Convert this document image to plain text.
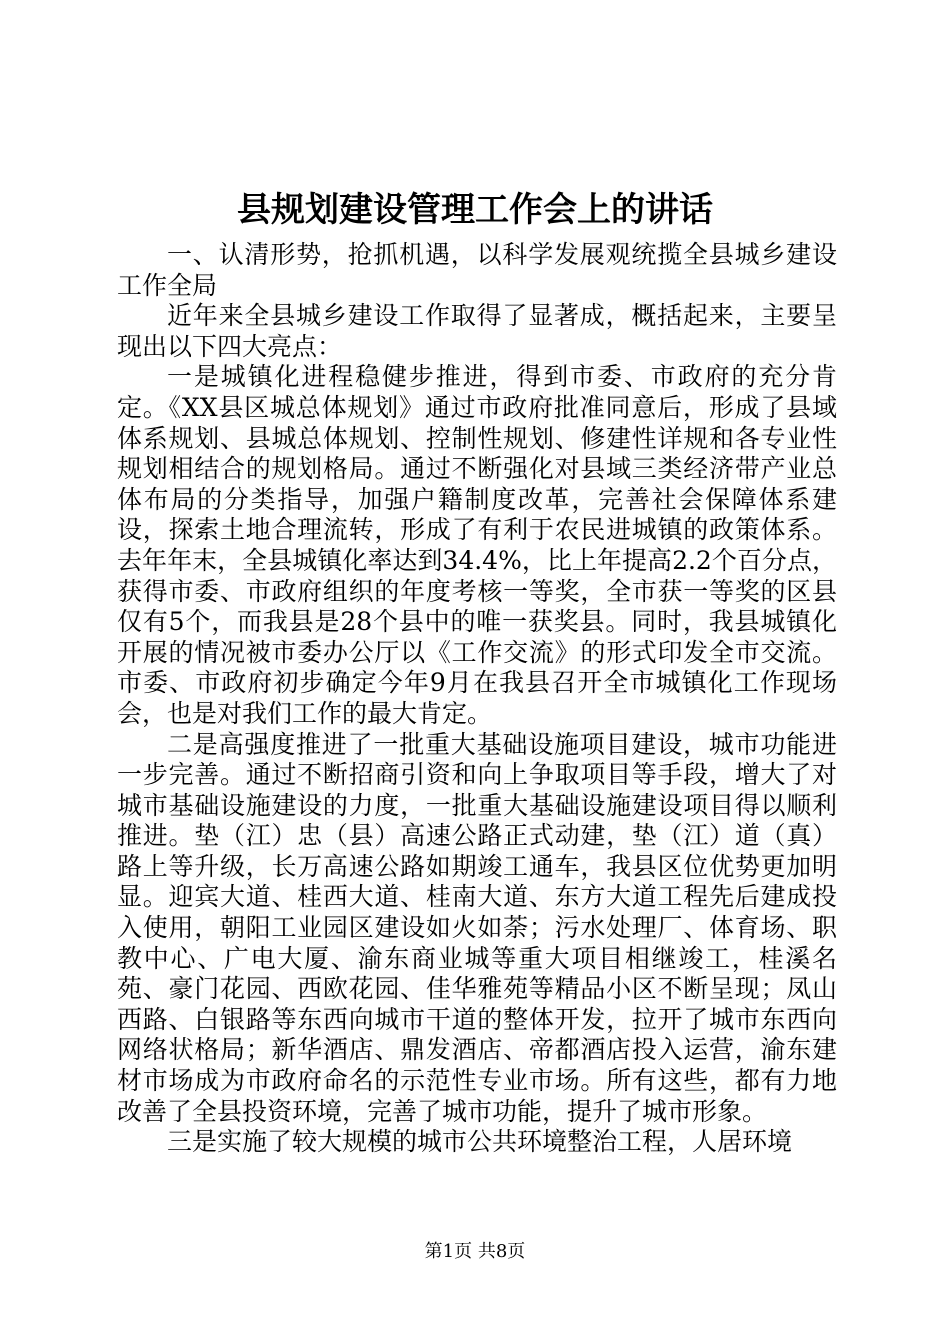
县规划建设管理工作会上的讲话

一、认清形势，抢抓机遇，以科学发展观统揽全县城乡建设工作全局

近年来全县城乡建设工作取得了显著成，概括起来，主要呈现出以下四大亮点：

一是城镇化进程稳健步推进，得到市委、市政府的充分肯定。《XX县区城总体规划》通过市政府批准同意后，形成了县域体系规划、县城总体规划、控制性规划、修建性详规和各专业性规划相结合的规划格局。通过不断强化对县域三类经济带产业总体布局的分类指导，加强户籍制度改革，完善社会保障体系建设，探索土地合理流转，形成了有利于农民进城镇的政策体系。去年年末，全县城镇化率达到34.4%，比上年提高2.2个百分点，获得市委、市政府组织的年度考核一等奖，全市获一等奖的区县仅有5个，而我县是28个县中的唯一获奖县。同时，我县城镇化开展的情况被市委办公厅以《工作交流》的形式印发全市交流。市委、市政府初步确定今年9月在我县召开全市城镇化工作现场会，也是对我们工作的最大肯定。

二是高强度推进了一批重大基础设施项目建设，城市功能进一步完善。通过不断招商引资和向上争取项目等手段，增大了对城市基础设施建设的力度，一批重大基础设施建设项目得以顺利推进。垫（江）忠（县）高速公路正式动建，垫（江）道（真）路上等升级，长万高速公路如期竣工通车，我县区位优势更加明显。迎宾大道、桂西大道、桂南大道、东方大道工程先后建成投入使用，朝阳工业园区建设如火如荼；污水处理厂、体育场、职教中心、广电大厦、渝东商业城等重大项目相继竣工，桂溪名苑、豪门花园、西欧花园、佳华雅苑等精品小区不断呈现；凤山西路、白银路等东西向城市干道的整体开发，拉开了城市东西向网络状格局；新华酒店、鼎发酒店、帝都酒店投入运营，渝东建材市场成为市政府命名的示范性专业市场。所有这些，都有力地改善了全县投资环境，完善了城市功能，提升了城市形象。

三是实施了较大规模的城市公共环境整治工程，人居环境

第1页 共8页
